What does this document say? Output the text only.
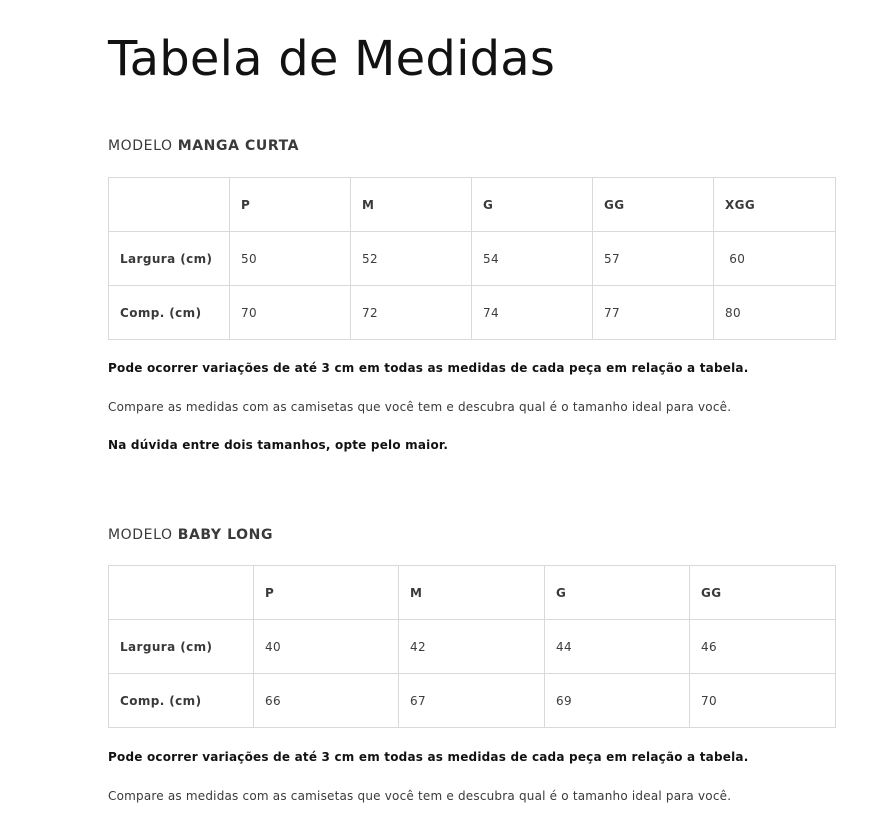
Tabela de Medidas
MODELO MANGA CURTA
	P	M	G	GG	XGG
Largura (cm)	50	52	54	57	60
Comp. (cm)	70	72	74	77	80

Pode ocorrer variações de até 3 cm em todas as medidas de cada peça em relação a tabela.

Compare as medidas com as camisetas que você tem e descubra qual é o tamanho ideal para você.

Na dúvida entre dois tamanhos, opte pelo maior.

MODELO BABY LONG
	P	M	G	GG
Largura (cm)	40	42	44	46
Comp. (cm)	66	67	69	70

Pode ocorrer variações de até 3 cm em todas as medidas de cada peça em relação a tabela.

Compare as medidas com as camisetas que você tem e descubra qual é o tamanho ideal para você.
